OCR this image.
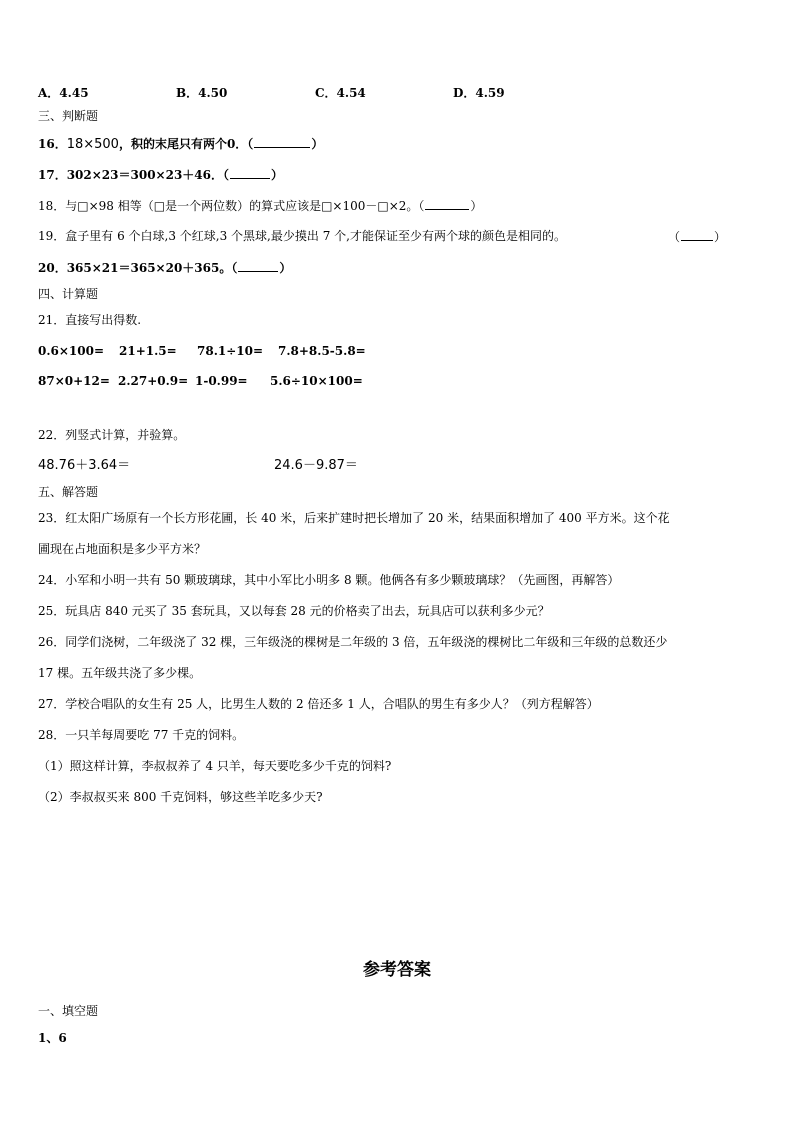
A．4.45	B．4.50	C．4.54	D．4.59
三、判断题
16．18×500，积的末尾只有两个0．（	）
17．302×23＝300×23＋46．（	）
18．与□×98 相等（□是一个两位数）的算式应该是□×100－□×2。（	）
19．盒子里有 6 个白球,3 个红球,3 个黑球,最少摸出 7 个,才能保证至少有两个球的颜色是相同的。	（	）
20．365×21＝365×20＋365。（	）
四、计算题
21．直接写出得数.
0.6×100= 21+1.5= 78.1÷10= 7.8+8.5-5.8=
87×0+12= 2.27+0.9= 1-0.99= 5.6÷10×100=
22．列竖式计算，并验算。
48.76＋3.64＝	24.6－9.87＝
五、解答题
23．红太阳广场原有一个长方形花圃，长 40 米，后来扩建时把长增加了 20 米，结果面积增加了 400 平方米。这个花
圃现在占地面积是多少平方米？
24．小军和小明一共有 50 颗玻璃球，其中小军比小明多 8 颗。他俩各有多少颗玻璃球？（先画图，再解答）
25．玩具店 840 元买了 35 套玩具，又以每套 28 元的价格卖了出去，玩具店可以获利多少元？
26．同学们浇树，二年级浇了 32 棵，三年级浇的棵树是二年级的 3 倍，五年级浇的棵树比二年级和三年级的总数还少
17 棵。五年级共浇了多少棵。
27．学校合唱队的女生有 25 人，比男生人数的 2 倍还多 1 人，合唱队的男生有多少人？（列方程解答）
28．一只羊每周要吃 77 千克的饲料。
（1）照这样计算，李叔叔养了 4 只羊，每天要吃多少千克的饲料?
（2）李叔叔买来 800 千克饲料，够这些羊吃多少天?
参考答案
一、填空题
1、6
